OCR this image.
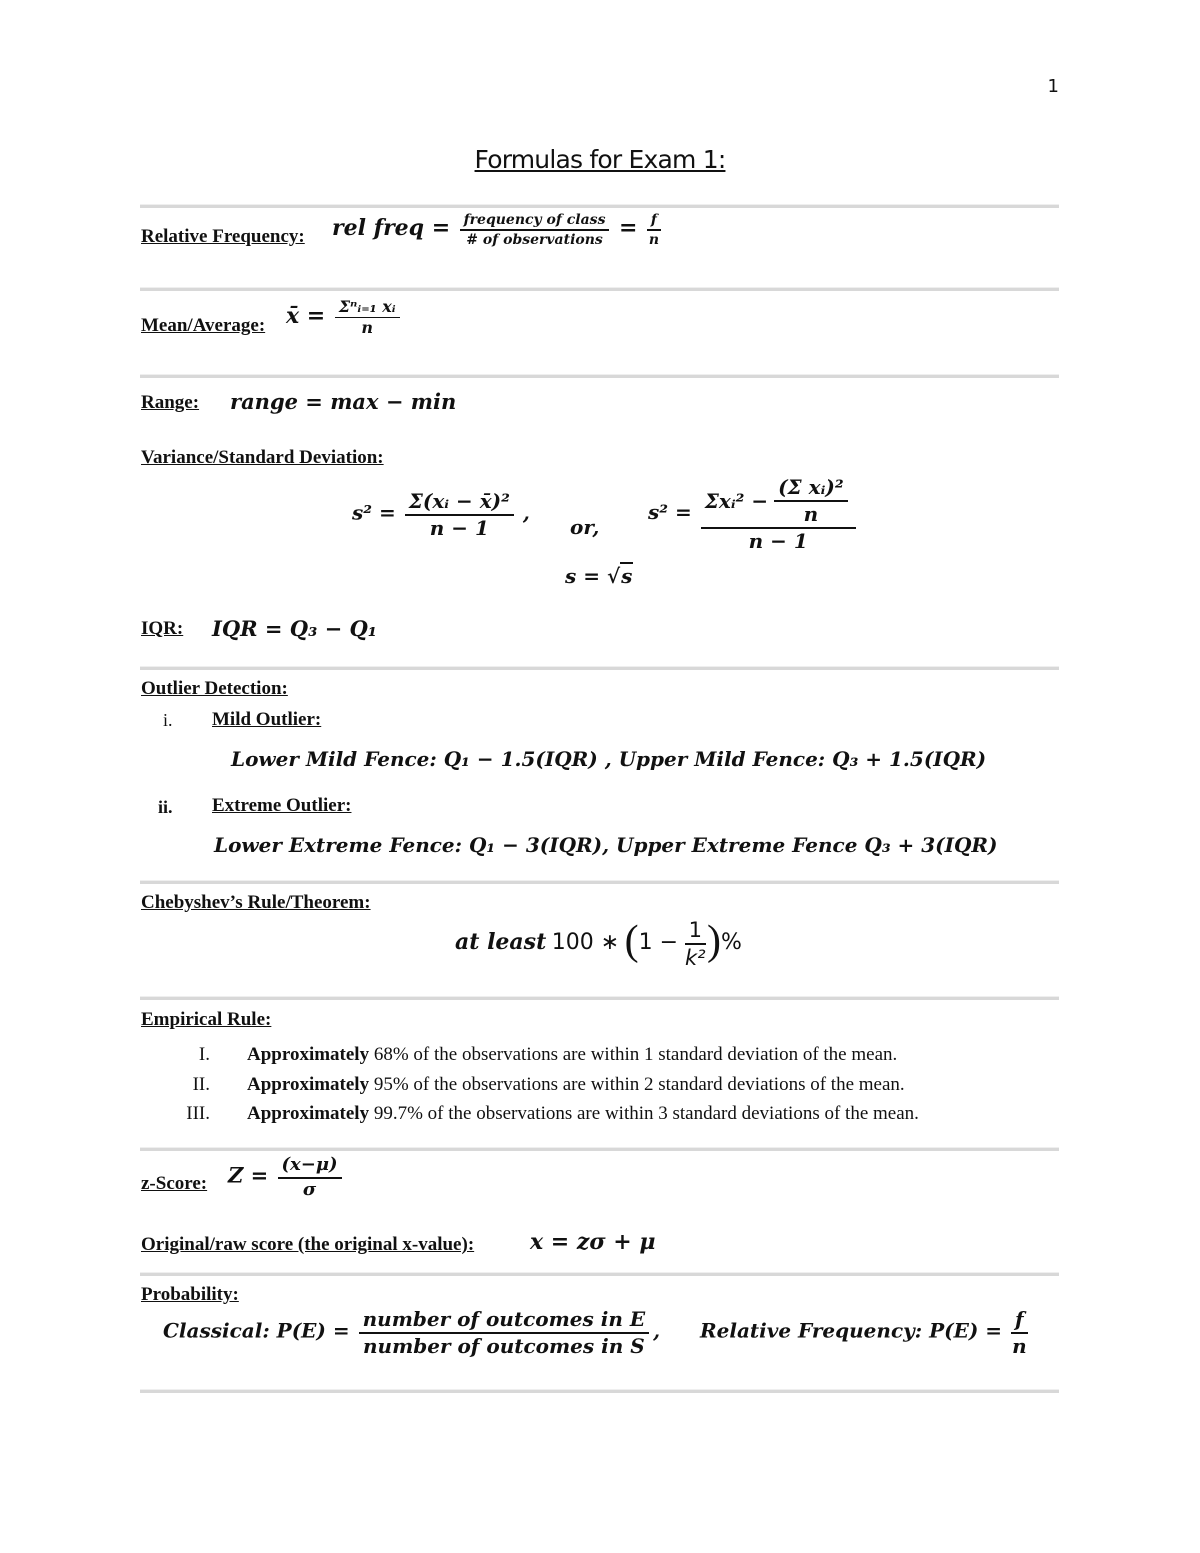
1
Formulas for Exam 1:
Relative Frequency: rel freq = $\frac{\text{frequency of class}}{\text{\# of observations}} = \frac{f}{n}$
Mean/Average: x̄ = $\frac{\text{Σⁿᵢ₌₁ xᵢ}}{n}$
Range: range = max − min
Variance/Standard Deviation:
$s^2 = \frac{\text{Σ(xᵢ − x̄)²}}{n - 1}$ ,
or,
$s^2 = \frac{\Sigma xᵢ^2 - \frac{\text{(Σ xᵢ)²}}{n}}{n - 1}$
s = √s
IQR: IQR = Q₃ − Q₁
Outlier Detection:
i. Mild Outlier:
Lower Mild Fence: Q₁ − 1.5(IQR) , Upper Mild Fence: Q₃ + 1.5(IQR)
ii. Extreme Outlier:
Lower Extreme Fence: Q₁ − 3(IQR), Upper Extreme Fence Q₃ + 3(IQR)
Chebyshev’s Rule/Theorem:
at least 100 ∗ ($1 - \frac{1}{\text{k²}}$ )%
Empirical Rule:
I. Approximately 68% of the observations are within 1 standard deviation of the mean.
II. Approximately 95% of the observations are within 2 standard deviations of the mean.
III. Approximately 99.7% of the observations are within 3 standard deviations of the mean.
z-Score: $Z = \frac{(x-\mu)}{\sigma}$
Original/raw score (the original x-value):	x = zσ + μ
Probability:
Classical: $P(E) = \frac{\text{number of outcomes in E}}{\text{number of outcomes in S}}$ , Relative Frequency: $P(E) = \frac{f}{n}$
